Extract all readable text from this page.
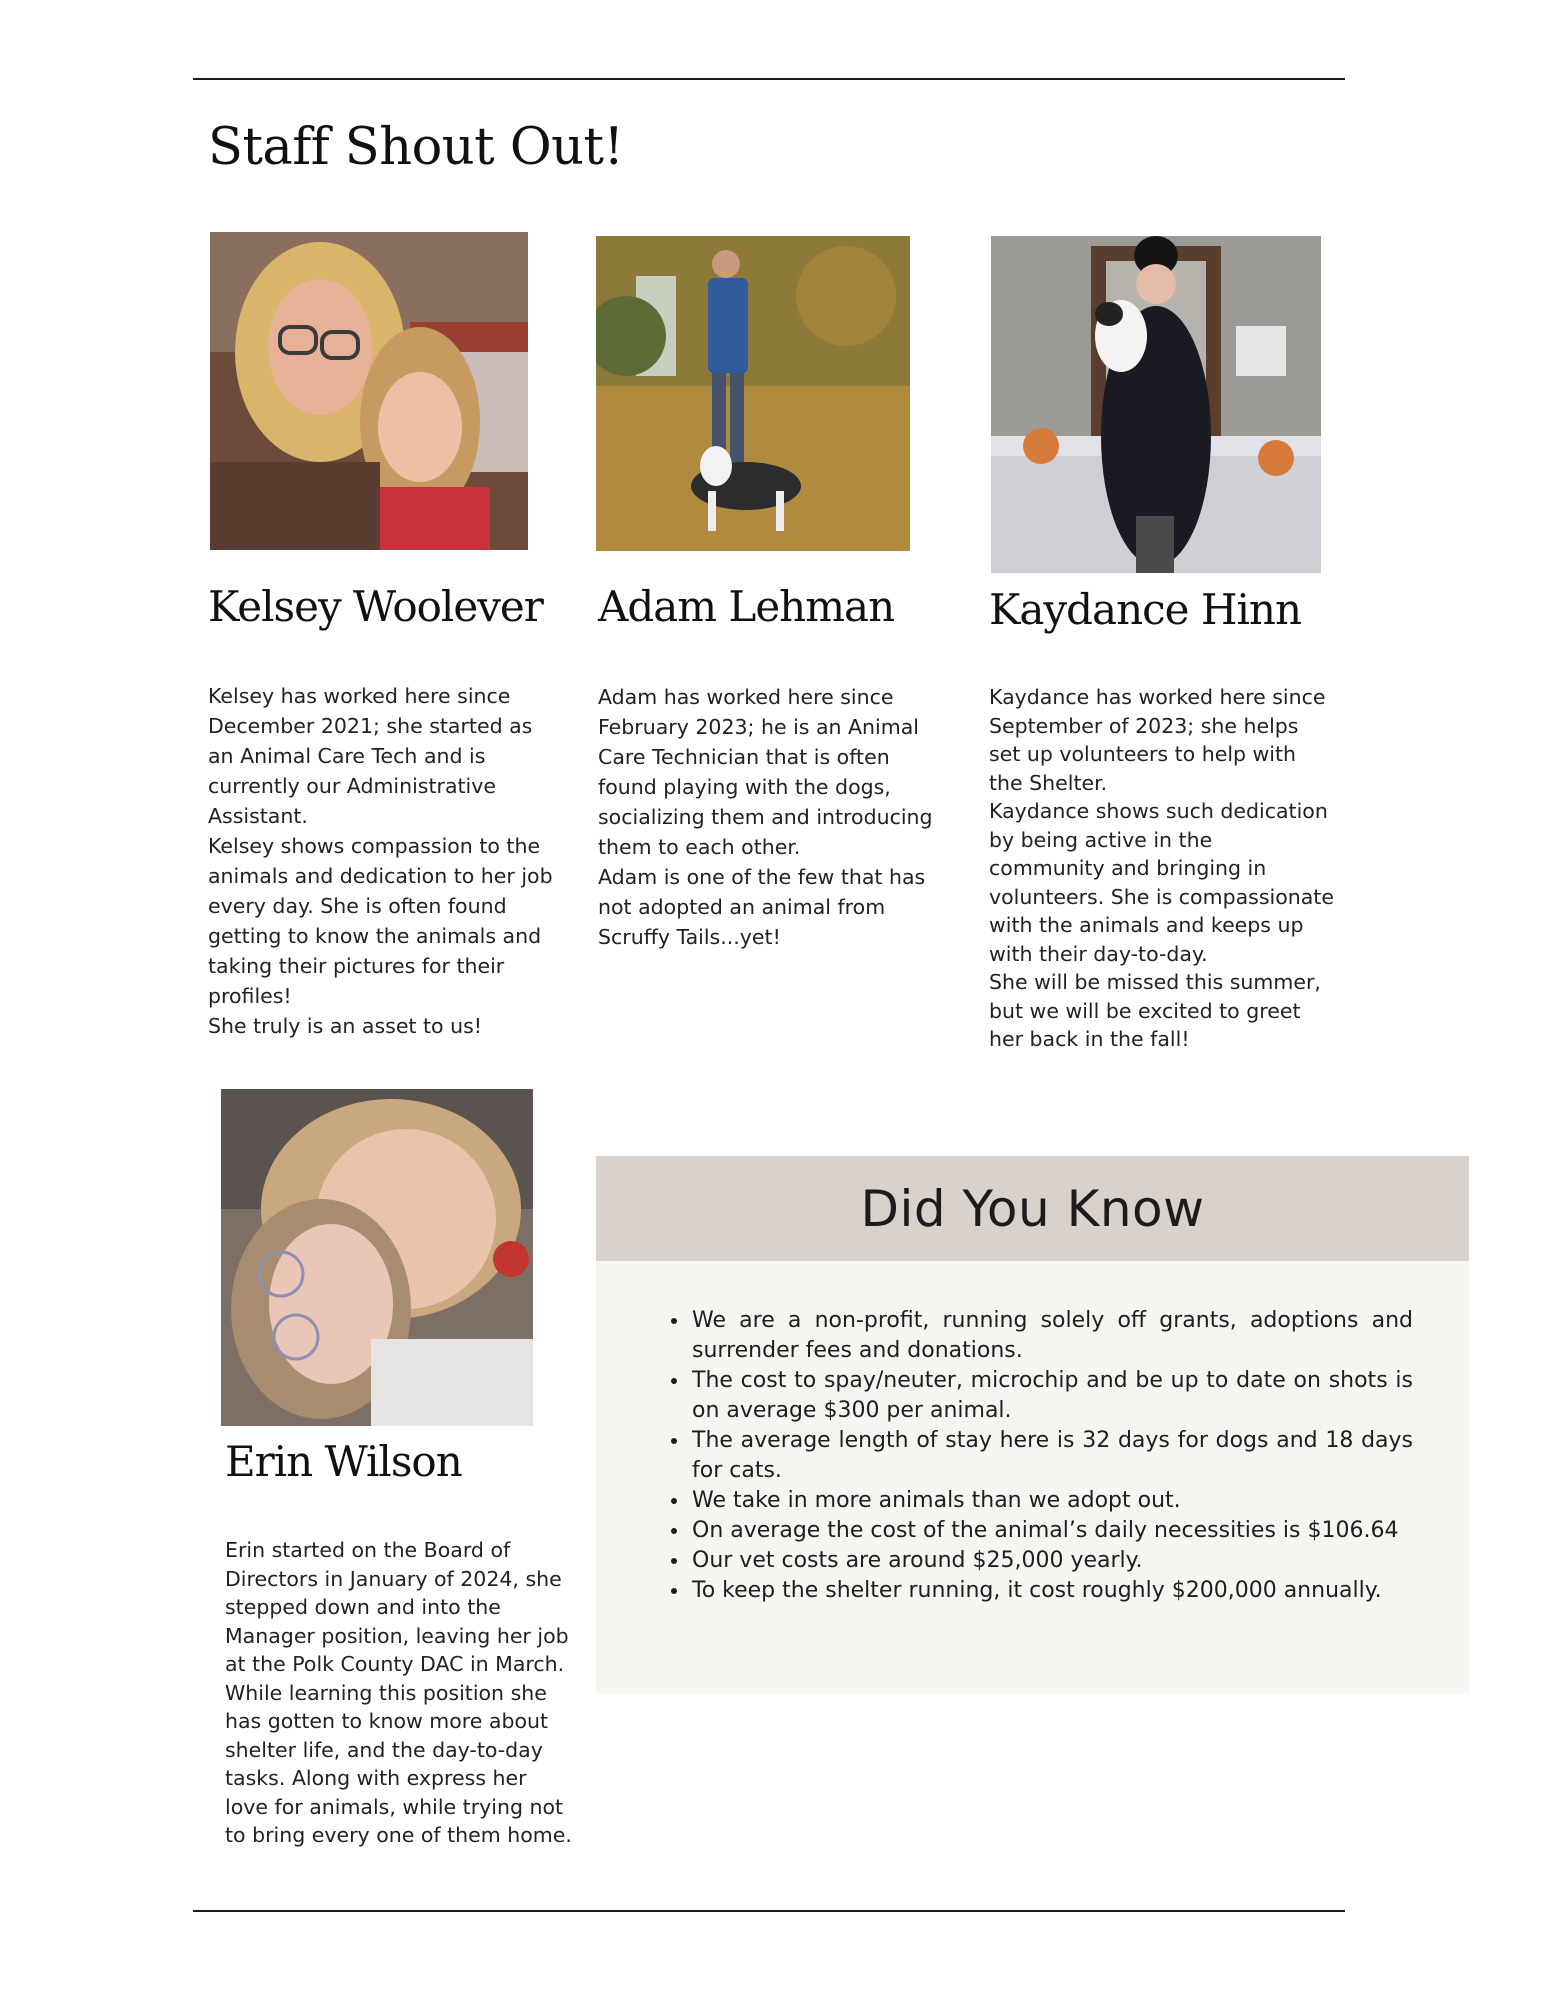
Staff Shout Out!
Kelsey Woolever Adam Lehman Kaydance Hinn

Kelsey has worked here since December 2021; she started as an Animal Care Tech and is currently our Administrative Assistant.

Kelsey shows compassion to the animals and dedication to her job every day. She is often found getting to know the animals and taking their pictures for their profiles!

She truly is an asset to us!

Adam has worked here since February 2023; he is an Animal Care Technician that is often found playing with the dogs, socializing them and introducing them to each other.

Adam is one of the few that has not adopted an animal from Scruffy Tails...yet!

Kaydance has worked here since September of 2023; she helps set up volunteers to help with the Shelter.

Kaydance shows such dedication by being active in the community and bringing in volunteers. She is compassionate with the animals and keeps up with their day-to-day.

She will be missed this summer, but we will be excited to greet her back in the fall!

Erin Wilson

Erin started on the Board of Directors in January of 2024, she stepped down and into the Manager position, leaving her job at the Polk County DAC in March.

While learning this position she has gotten to know more about shelter life, and the day-to-day tasks. Along with express her love for animals, while trying not to bring every one of them home.

Did You Know
• We are a non-profit, running solely off grants, adoptions and surrender fees and donations.
• The cost to spay/neuter, microchip and be up to date on shots is on average $300 per animal.
• The average length of stay here is 32 days for dogs and 18 days for cats.
• We take in more animals than we adopt out.
• On average the cost of the animal’s daily necessities is $106.64
• Our vet costs are around $25,000 yearly.
• To keep the shelter running, it cost roughly $200,000 annually.
